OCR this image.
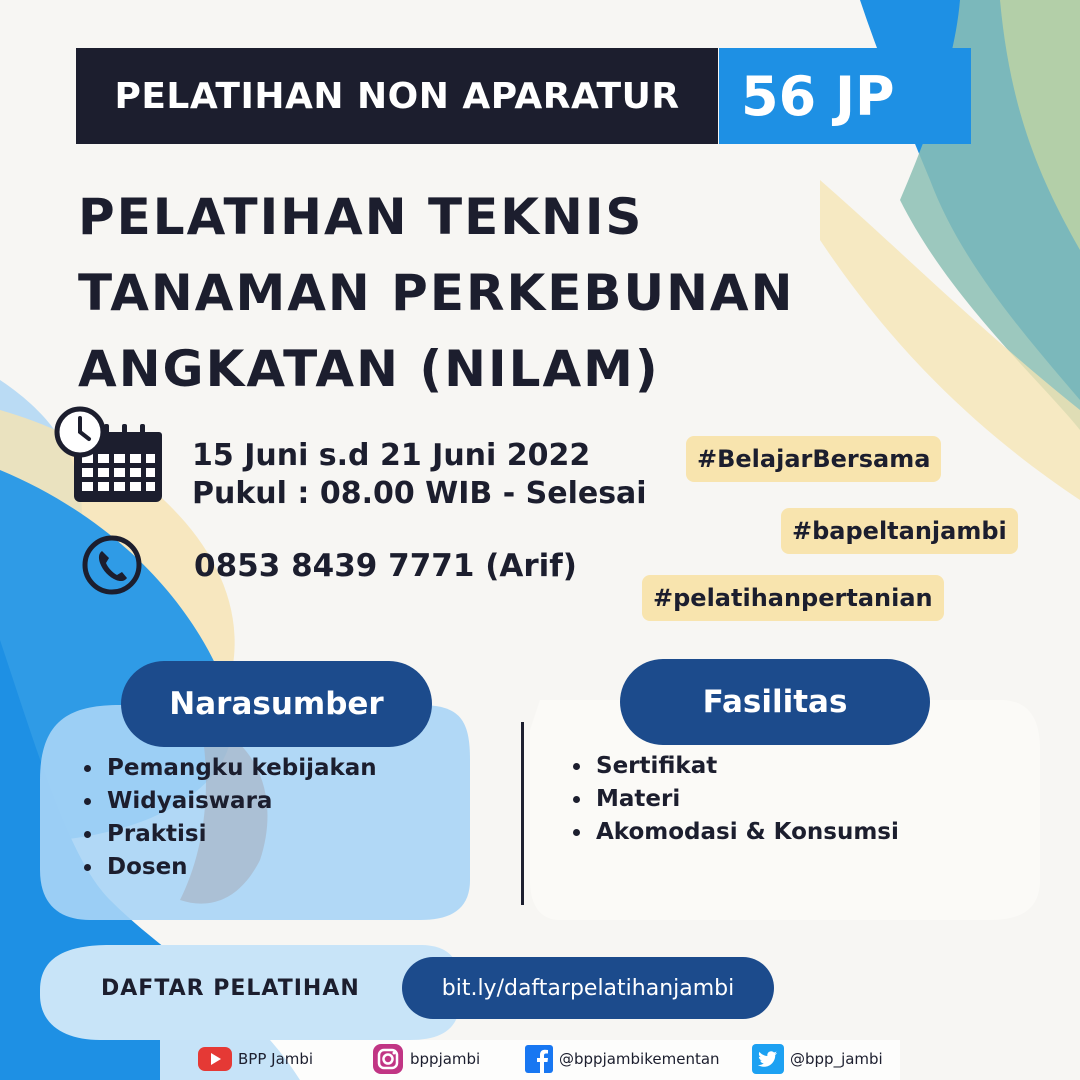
PELATIHAN NON APARATUR 56 JP
PELATIHAN TEKNIS
TANAMAN PERKEBUNAN
ANGKATAN (NILAM)
15 Juni s.d 21 Juni 2022
Pukul : 08.00 WIB - Selesai
0853 8439 7771 (Arif)
#BelajarBersama
#bapeltanjambi
#pelatihanpertanian
Narasumber
Pemangku kebijakan
Widyaiswara
Praktisi
Dosen
Fasilitas
Sertifikat
Materi
Akomodasi & Konsumsi
DAFTAR PELATIHAN	bit.ly/daftarpelatihanjambi
BPP Jambi	bppjambi	@bppjambikementan	@bpp_jambi
